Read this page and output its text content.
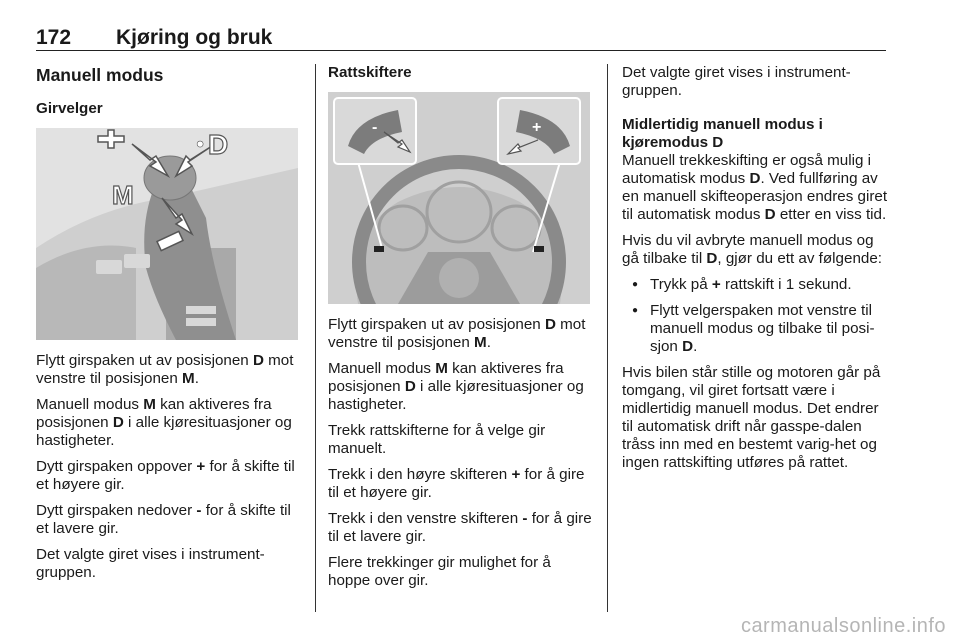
172 Kjøring og bruk
Manuell modus
Girvelger
● D
M

Flytt girspaken ut av posisjonen D mot venstre til posisjonen M.

Manuell modus M kan aktiveres fra posisjonen D i alle kjøresituasjoner og hastigheter.

Dytt girspaken oppover + for å skifte til et høyere gir.

Dytt girspaken nedover - for å skifte til et lavere gir.

Det valgte giret vises i instrument-gruppen.

Rattskiftere
-	+

Flytt girspaken ut av posisjonen D mot venstre til posisjonen M.

Manuell modus M kan aktiveres fra posisjonen D i alle kjøresituasjoner og hastigheter.

Trekk rattskifterne for å velge gir manuelt.

Trekk i den høyre skifteren + for å gire til et høyere gir.

Trekk i den venstre skifteren - for å gire til et lavere gir.

Flere trekkinger gir mulighet for å hoppe over gir.

Det valgte giret vises i instrument-gruppen.

Midlertidig manuell modus i kjøremodus D

Manuell trekkeskifting er også mulig i automatisk modus D. Ved fullføring av en manuell skifteoperasjon endres giret til automatisk modus D etter en viss tid.

Hvis du vil avbryte manuell modus og gå tilbake til D, gjør du ett av følgende:

● Trykk på + rattskift i 1 sekund.
● Flytt velgerspaken mot venstre til manuell modus og tilbake til posi-sjon D.

Hvis bilen står stille og motoren går på tomgang, vil giret fortsatt være i midlertidig manuell modus. Det endrer til automatisk drift når gasspe-dalen tråss inn med en bestemt varig-het og ingen rattskifting utføres på rattet.

carmanualsonline.info
